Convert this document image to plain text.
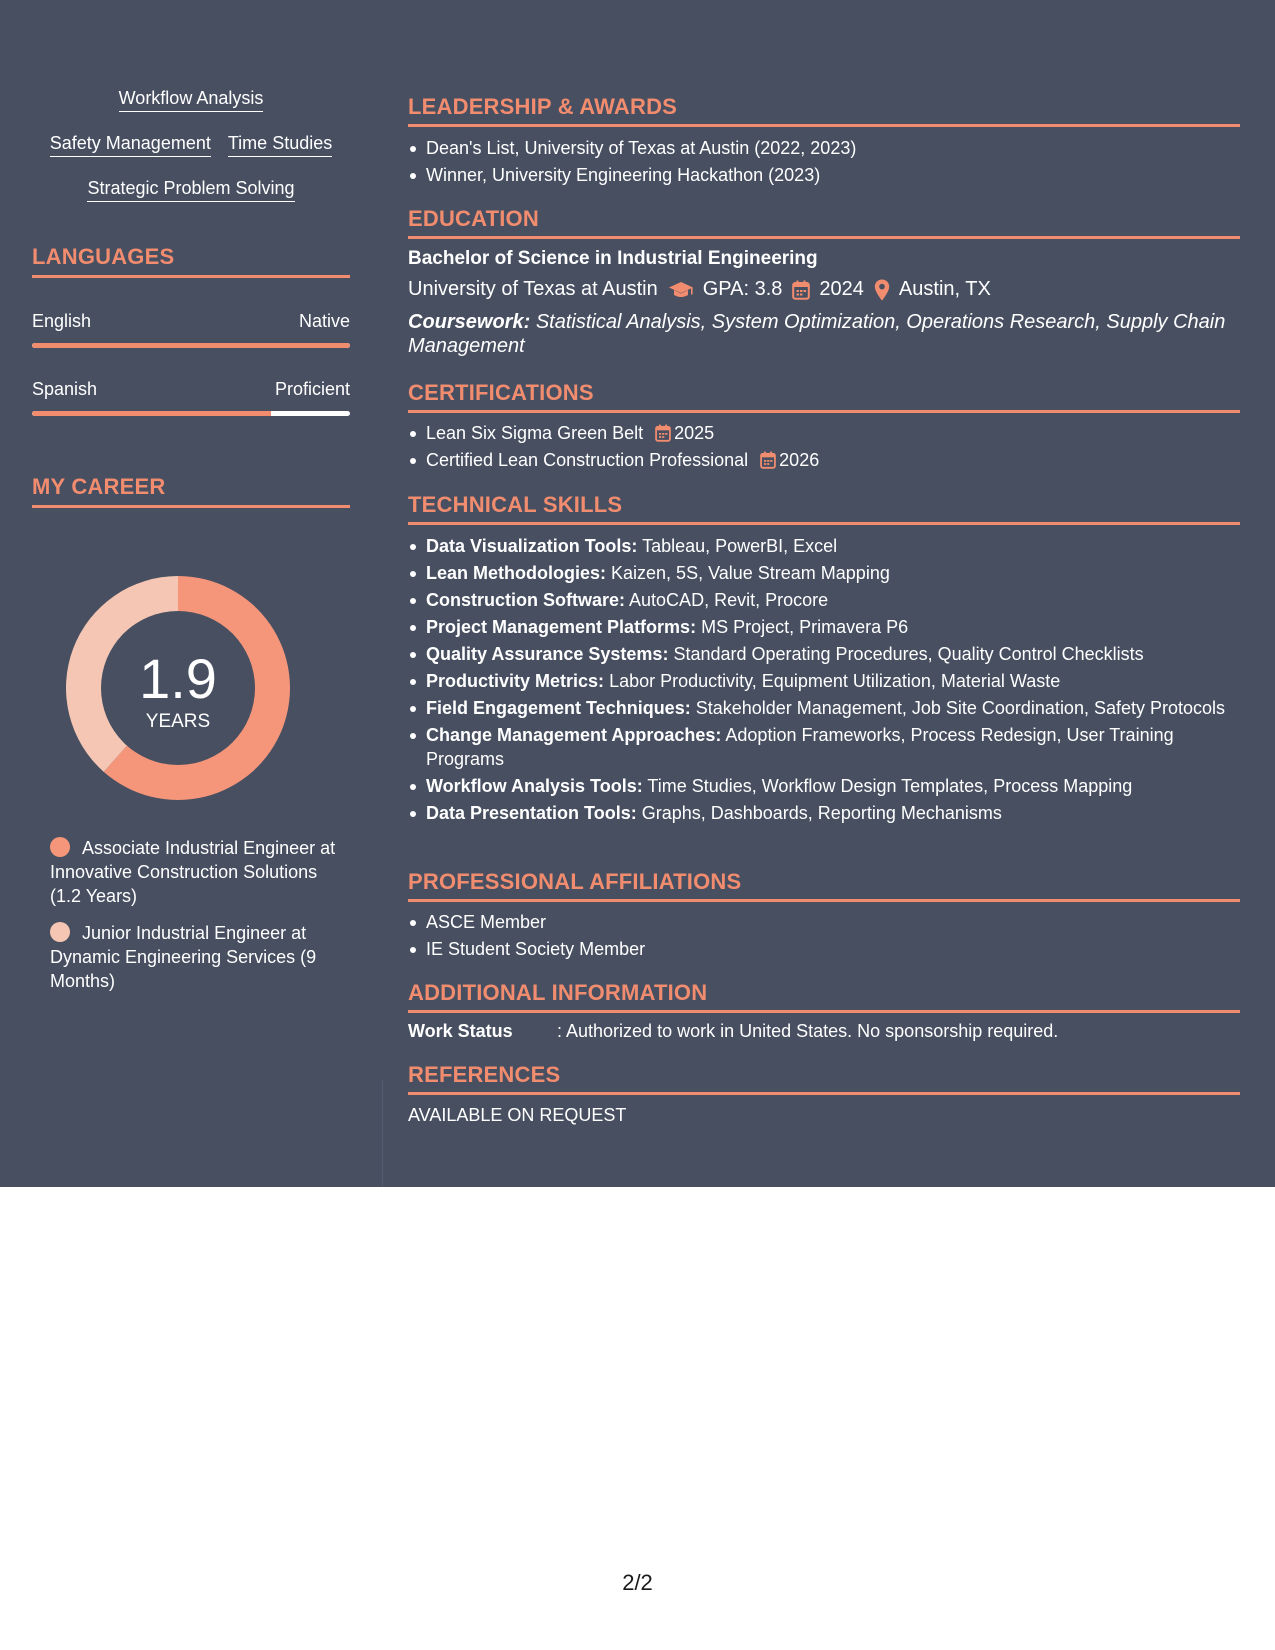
Workflow Analysis
Safety Management Time Studies
Strategic Problem Solving
LANGUAGES
English	Native
Spanish	Proficient
MY CAREER
1.9
YEARS
Associate Industrial Engineer at Innovative Construction Solutions (1.2 Years)
Junior Industrial Engineer at Dynamic Engineering Services (9 Months)
LEADERSHIP & AWARDS
Dean's List, University of Texas at Austin (2022, 2023)
Winner, University Engineering Hackathon (2023)
EDUCATION
Bachelor of Science in Industrial Engineering
University of Texas at Austin GPA: 3.8 2024 Austin, TX
Coursework: Statistical Analysis, System Optimization, Operations Research, Supply Chain Management
CERTIFICATIONS
Lean Six Sigma Green Belt 2025
Certified Lean Construction Professional 2026
TECHNICAL SKILLS
Data Visualization Tools: Tableau, PowerBI, Excel
Lean Methodologies: Kaizen, 5S, Value Stream Mapping
Construction Software: AutoCAD, Revit, Procore
Project Management Platforms: MS Project, Primavera P6
Quality Assurance Systems: Standard Operating Procedures, Quality Control Checklists
Productivity Metrics: Labor Productivity, Equipment Utilization, Material Waste
Field Engagement Techniques: Stakeholder Management, Job Site Coordination, Safety Protocols
Change Management Approaches: Adoption Frameworks, Process Redesign, User Training Programs
Workflow Analysis Tools: Time Studies, Workflow Design Templates, Process Mapping
Data Presentation Tools: Graphs, Dashboards, Reporting Mechanisms
PROFESSIONAL AFFILIATIONS
ASCE Member
IE Student Society Member
ADDITIONAL INFORMATION
Work Status	: Authorized to work in United States. No sponsorship required.
REFERENCES
AVAILABLE ON REQUEST
2/2
